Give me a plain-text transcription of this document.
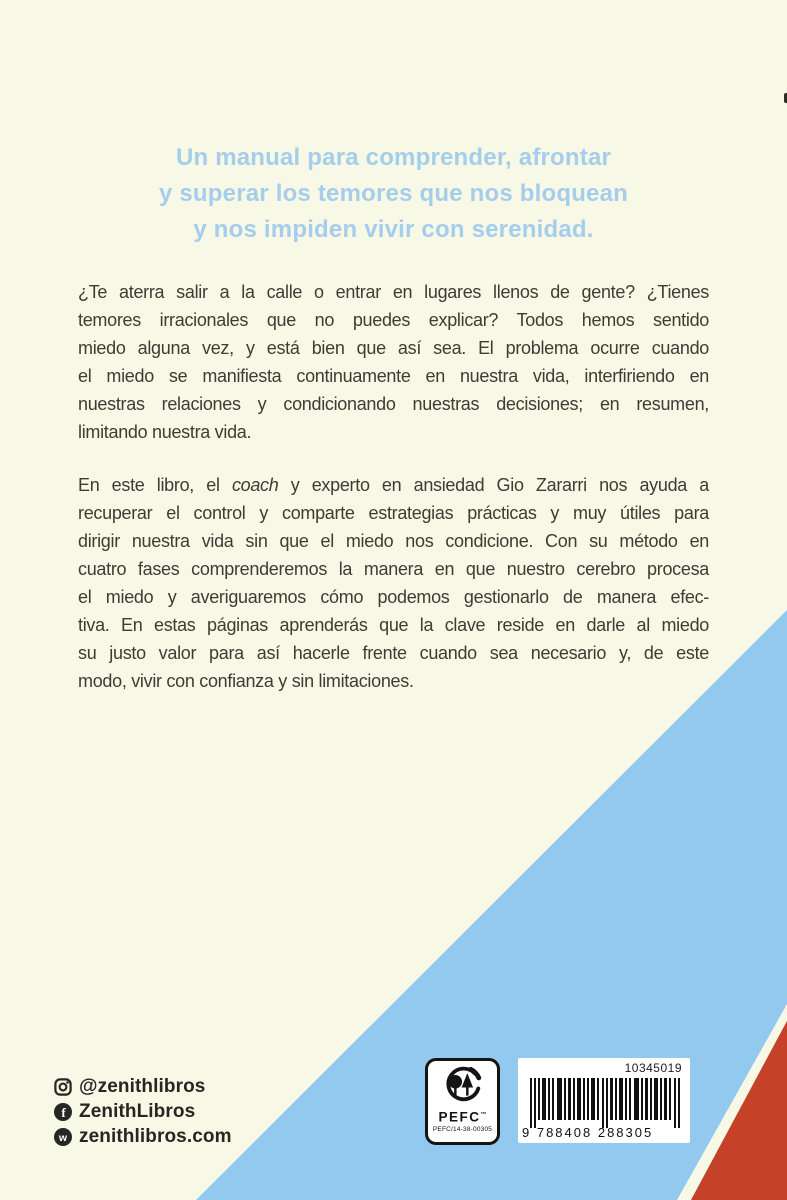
Un manual para comprender, afrontar
y superar los temores que nos bloquean
y nos impiden vivir con serenidad.
¿Te aterra salir a la calle o entrar en lugares llenos de gente? ¿Tienes
temores irracionales que no puedes explicar? Todos hemos sentido
miedo alguna vez, y está bien que así sea. El problema ocurre cuando
el miedo se manifiesta continuamente en nuestra vida, interfiriendo en
nuestras relaciones y condicionando nuestras decisiones; en resumen,
limitando nuestra vida.
En este libro, el coach y experto en ansiedad Gio Zararri nos ayuda a
recuperar el control y comparte estrategias prácticas y muy útiles para
dirigir nuestra vida sin que el miedo nos condicione. Con su método en
cuatro fases comprenderemos la manera en que nuestro cerebro procesa
el miedo y averiguaremos cómo podemos gestionarlo de manera efec-
tiva. En estas páginas aprenderás que la clave reside en darle al miedo
su justo valor para así hacerle frente cuando sea necesario y, de este
modo, vivir con confianza y sin limitaciones.
@zenithlibros
f ZenithLibros
w zenithlibros.com
PEFC™
PEFC/14-38-00305
10345019
9 788408 288305
